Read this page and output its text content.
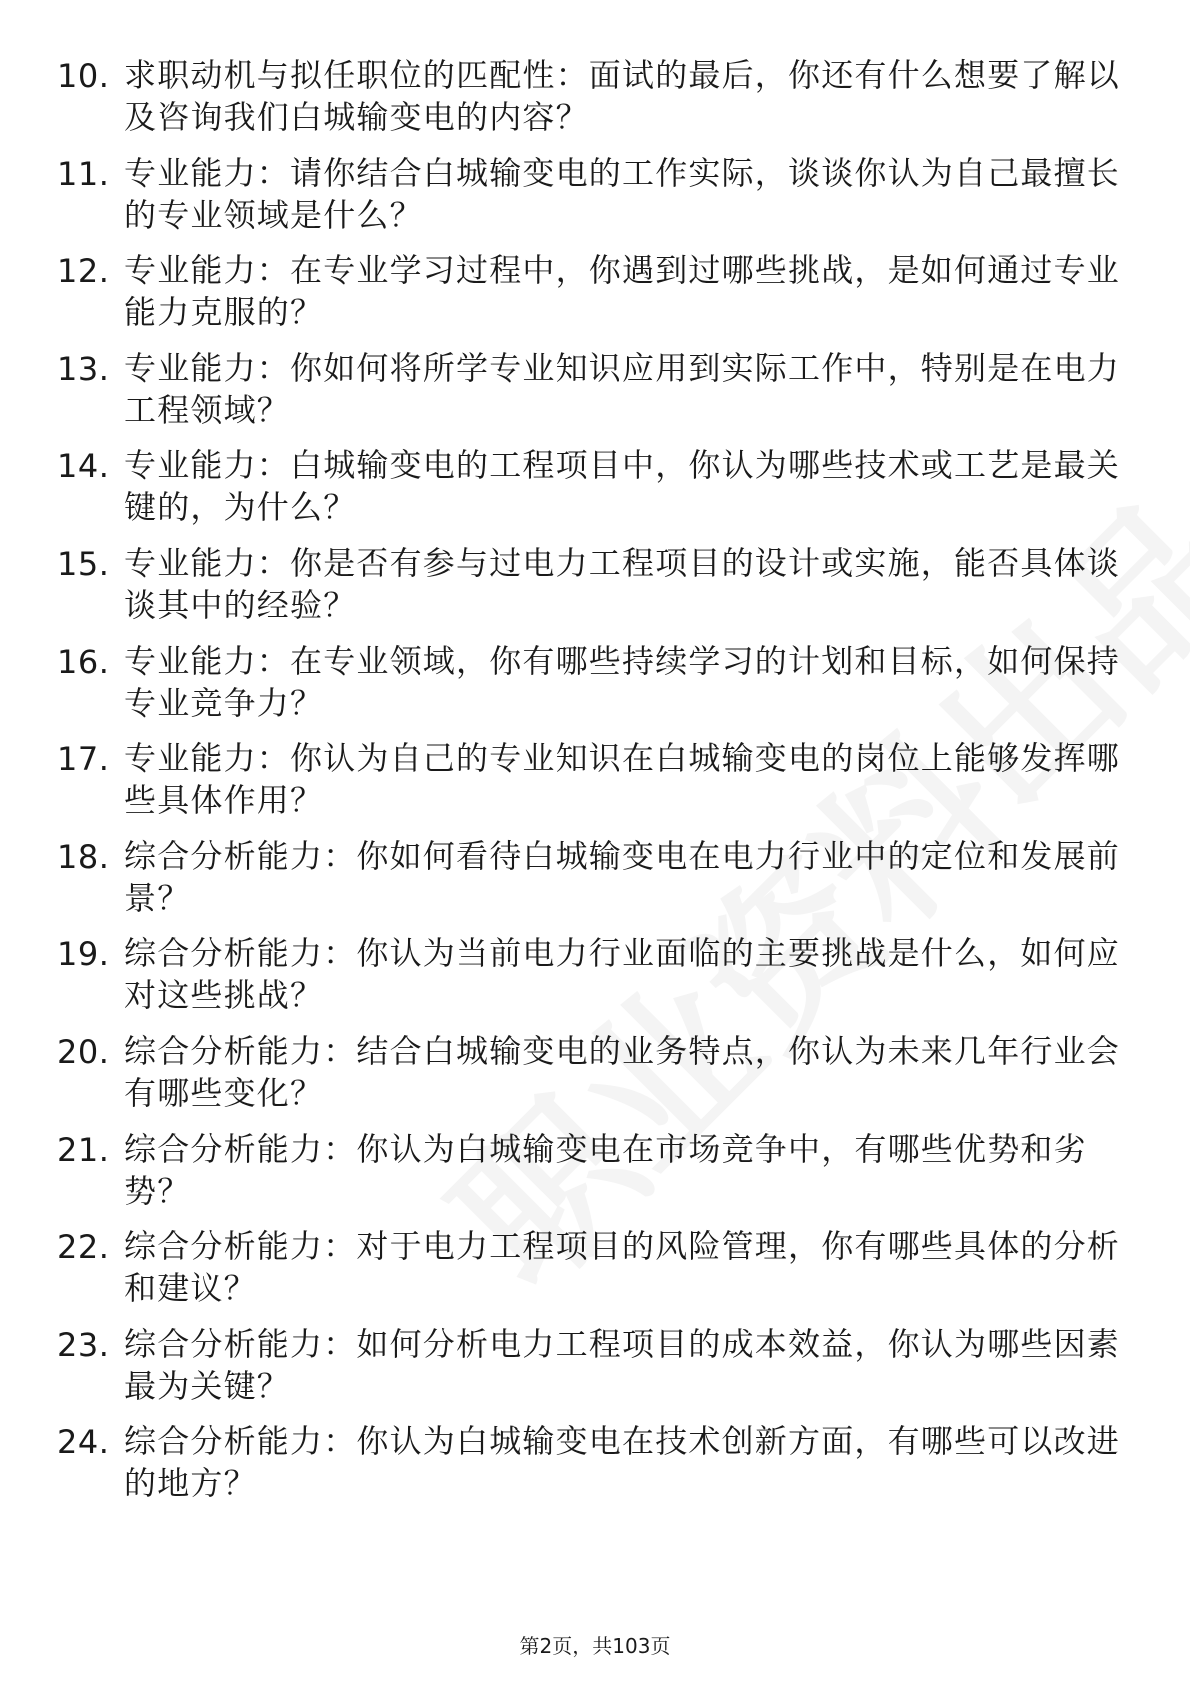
10. 求职动机与拟任职位的匹配性：面试的最后，你还有什么想要了解以及咨询我们白城输变电的内容？
11. 专业能力：请你结合白城输变电的工作实际，谈谈你认为自己最擅长的专业领域是什么？
12. 专业能力：在专业学习过程中，你遇到过哪些挑战，是如何通过专业能力克服的？
13. 专业能力：你如何将所学专业知识应用到实际工作中，特别是在电力工程领域？
14. 专业能力：白城输变电的工程项目中，你认为哪些技术或工艺是最关键的，为什么？
15. 专业能力：你是否有参与过电力工程项目的设计或实施，能否具体谈谈其中的经验？
16. 专业能力：在专业领域，你有哪些持续学习的计划和目标，如何保持专业竞争力？
17. 专业能力：你认为自己的专业知识在白城输变电的岗位上能够发挥哪些具体作用？
18. 综合分析能力：你如何看待白城输变电在电力行业中的定位和发展前景？
19. 综合分析能力：你认为当前电力行业面临的主要挑战是什么，如何应对这些挑战？
20. 综合分析能力：结合白城输变电的业务特点，你认为未来几年行业会有哪些变化？
21. 综合分析能力：你认为白城输变电在市场竞争中，有哪些优势和劣势？
22. 综合分析能力：对于电力工程项目的风险管理，你有哪些具体的分析和建议？
23. 综合分析能力：如何分析电力工程项目的成本效益，你认为哪些因素最为关键？
24. 综合分析能力：你认为白城输变电在技术创新方面，有哪些可以改进的地方？
第2页，共103页
